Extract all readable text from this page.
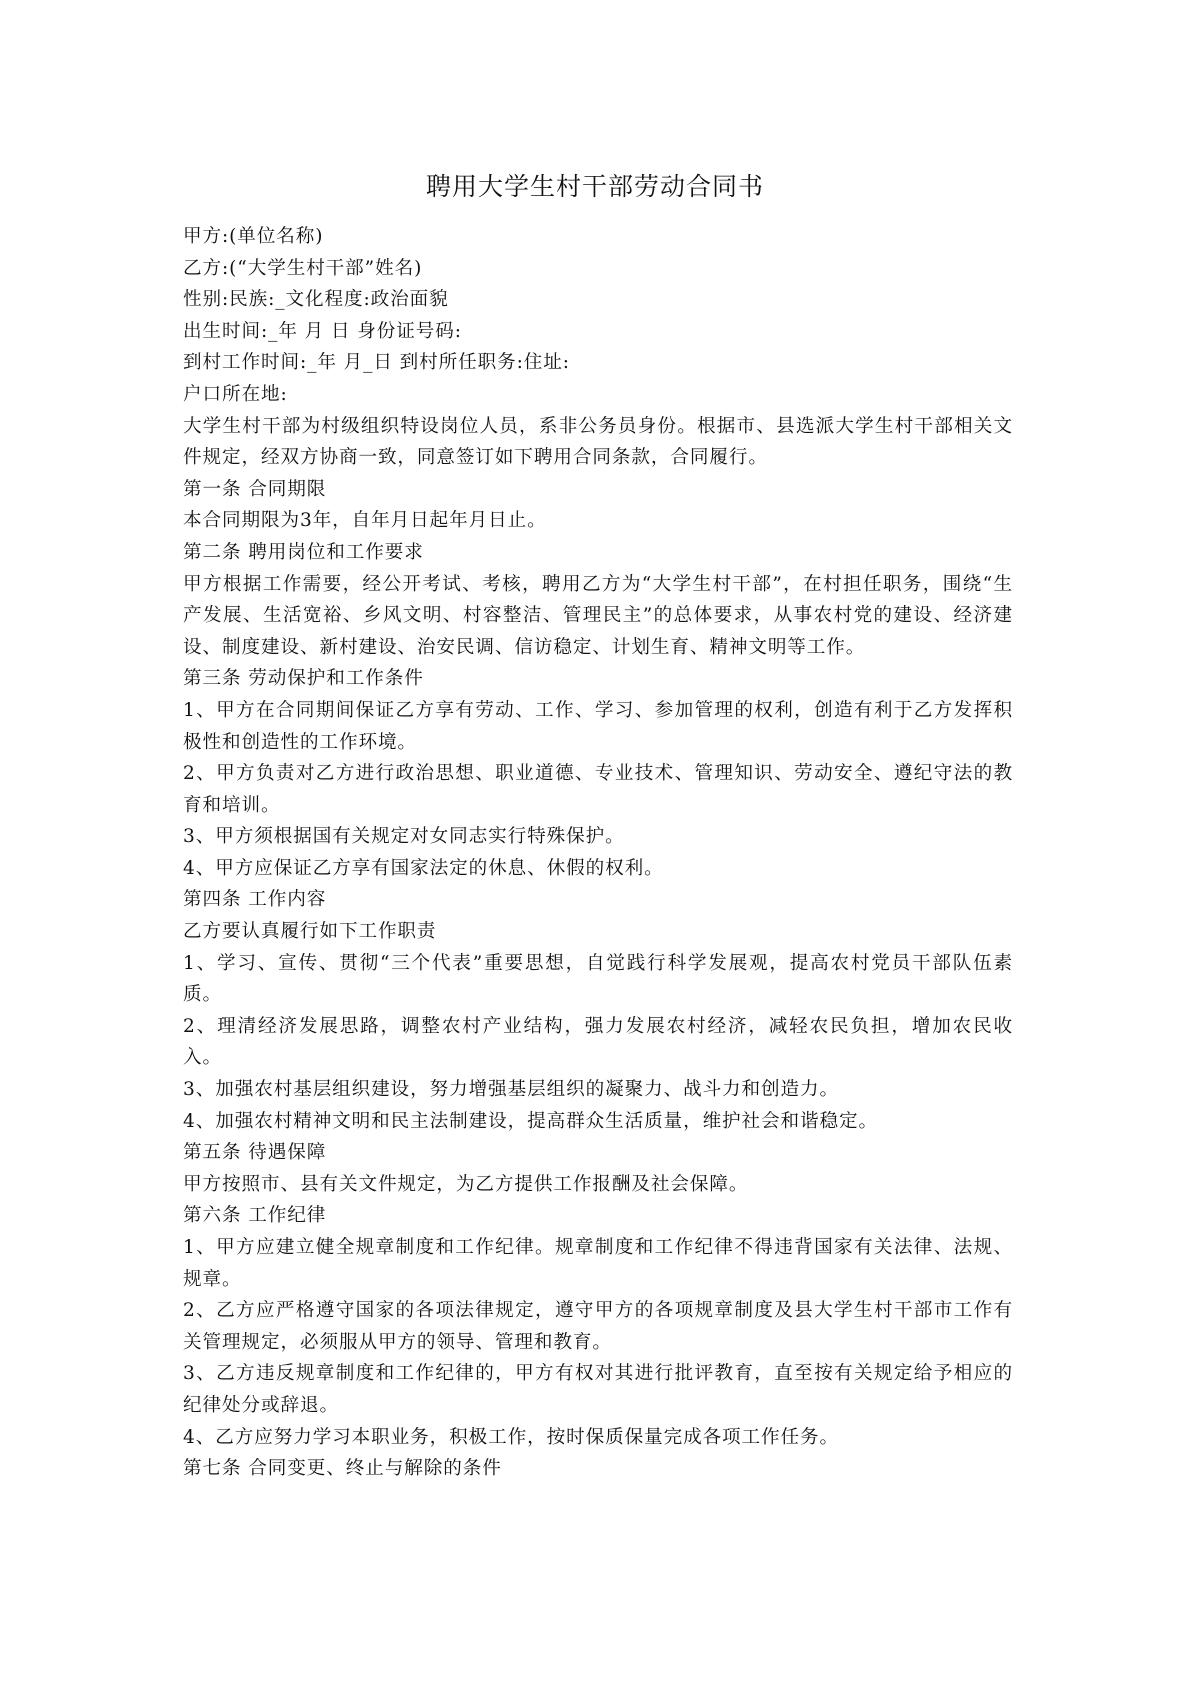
聘用大学生村干部劳动合同书

甲方:(单位名称)

乙方:(“大学生村干部”姓名)

性别:民族:_文化程度:政治面貌

出生时间:_年 月 日 身份证号码:

到村工作时间:_年 月_日 到村所任职务:住址:

户口所在地:

大学生村干部为村级组织特设岗位人员，系非公务员身份。根据市、县选派大学生村干部相关文件规定，经双方协商一致，同意签订如下聘用合同条款，合同履行。

第一条 合同期限

本合同期限为3年，自年月日起年月日止。

第二条 聘用岗位和工作要求

甲方根据工作需要，经公开考试、考核，聘用乙方为“大学生村干部”，在村担任职务，围绕“生产发展、生活宽裕、乡风文明、村容整洁、管理民主”的总体要求，从事农村党的建设、经济建设、制度建设、新村建设、治安民调、信访稳定、计划生育、精神文明等工作。

第三条 劳动保护和工作条件

1、甲方在合同期间保证乙方享有劳动、工作、学习、参加管理的权利，创造有利于乙方发挥积极性和创造性的工作环境。

2、甲方负责对乙方进行政治思想、职业道德、专业技术、管理知识、劳动安全、遵纪守法的教育和培训。

3、甲方须根据国有关规定对女同志实行特殊保护。

4、甲方应保证乙方享有国家法定的休息、休假的权利。

第四条 工作内容

乙方要认真履行如下工作职责

1、学习、宣传、贯彻“三个代表”重要思想，自觉践行科学发展观，提高农村党员干部队伍素质。

2、理清经济发展思路，调整农村产业结构，强力发展农村经济，减轻农民负担，增加农民收入。

3、加强农村基层组织建设，努力增强基层组织的凝聚力、战斗力和创造力。

4、加强农村精神文明和民主法制建设，提高群众生活质量，维护社会和谐稳定。

第五条 待遇保障

甲方按照市、县有关文件规定，为乙方提供工作报酬及社会保障。

第六条 工作纪律

1、甲方应建立健全规章制度和工作纪律。规章制度和工作纪律不得违背国家有关法律、法规、规章。

2、乙方应严格遵守国家的各项法律规定，遵守甲方的各项规章制度及县大学生村干部市工作有关管理规定，必须服从甲方的领导、管理和教育。

3、乙方违反规章制度和工作纪律的，甲方有权对其进行批评教育，直至按有关规定给予相应的纪律处分或辞退。

4、乙方应努力学习本职业务，积极工作，按时保质保量完成各项工作任务。

第七条 合同变更、终止与解除的条件
